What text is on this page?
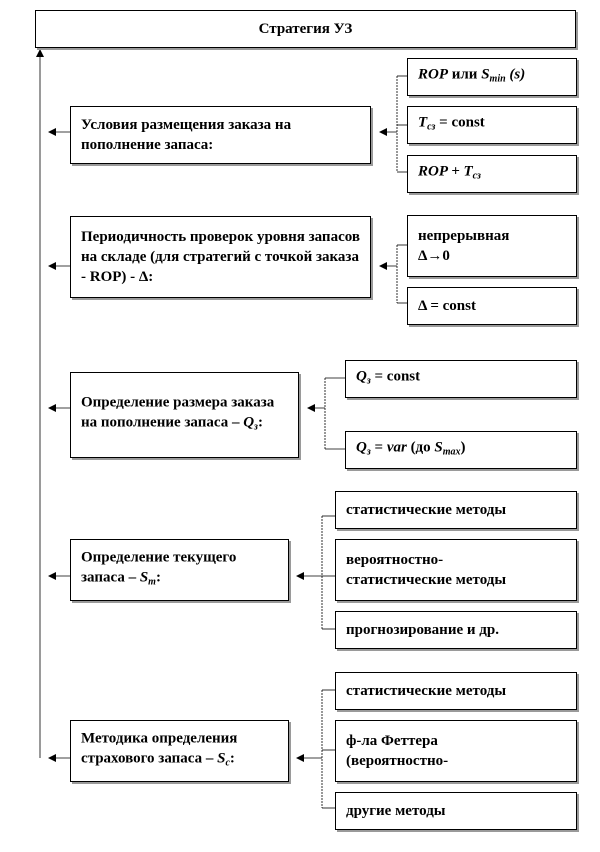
Стратегия УЗ
Условия размещения заказа на пополнение запаса:
ROP или $S_{min}$ (s)
$T_{сз}$ = const
ROP + $T_{сз}$
Периодичность проверок уровня запасов на складе (для стратегий с точкой заказа - ROP) - Δ:
непрерывная
Δ→0
Δ = const
Определение размера заказа на пополнение запаса – $Q_з$:
$Q_з$ = const
$Q_з$ = var (до $S_{max}$)
Определение текущего запаса – $S_т$:
статистические методы
вероятностно-
статистические методы
прогнозирование и др.
Методика определения страхового запаса – $S_c$:
статистические методы
ф-ла Феттера
(вероятностно-
другие методы
